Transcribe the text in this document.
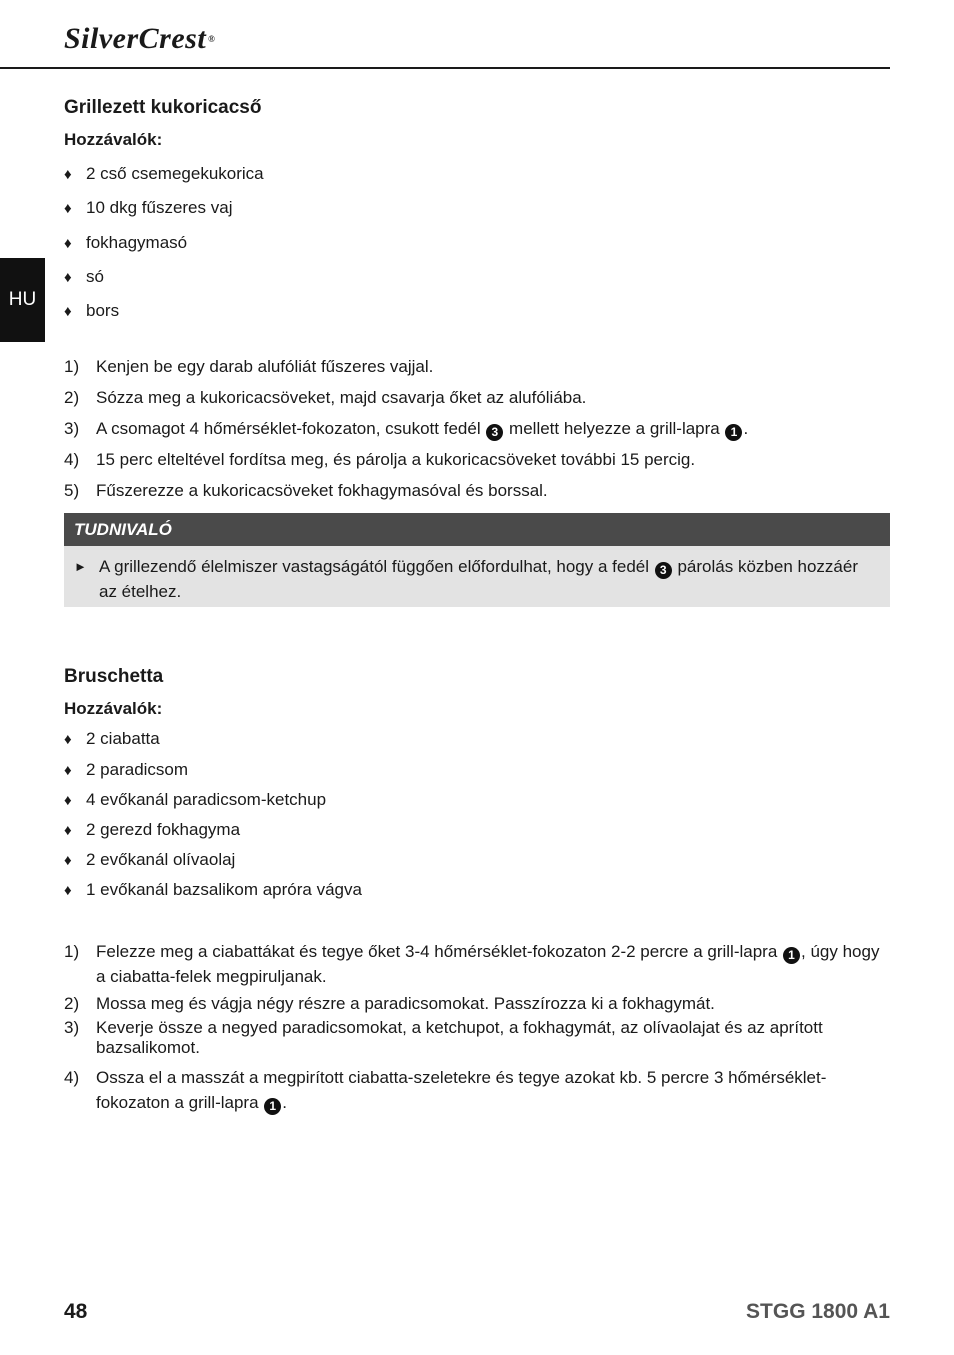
SilverCrest ®
HU
Grillezett kukoricacső
Hozzávalók:
♦ 2 cső csemegekukorica
♦ 10 dkg fűszeres vaj
♦ fokhagymasó
♦ só
♦ bors
1) Kenjen be egy darab alufóliát fűszeres vajjal.
2) Sózza meg a kukoricacsöveket, majd csavarja őket az alufóliába.
3) A csomagot 4 hőmérséklet-fokozaton, csukott fedél 3 mellett helyezze a grill-lapra 1 .
4) 15 perc elteltével fordítsa meg, és párolja a kukoricacsöveket további 15 percig.
5) Fűszerezze a kukoricacsöveket fokhagymasóval és borssal.
TUDNIVALÓ
► A grillezendő élelmiszer vastagságától függően előfordulhat, hogy a fedél 3 párolás közben hozzáér az ételhez.
Bruschetta
Hozzávalók:
♦ 2 ciabatta
♦ 2 paradicsom
♦ 4 evőkanál paradicsom-ketchup
♦ 2 gerezd fokhagyma
♦ 2 evőkanál olívaolaj
♦ 1 evőkanál bazsalikom apróra vágva
1) Felezze meg a ciabattákat és tegye őket 3-4 hőmérséklet-fokozaton 2-2 percre a grill-lapra 1 , úgy hogy a ciabatta-felek megpiruljanak.
2) Mossa meg és vágja négy részre a paradicsomokat. Passzírozza ki a fokhagymát.
3) Keverje össze a negyed paradicsomokat, a ketchupot, a fokhagymát, az olívaolajat és az aprított bazsalikomot.
4) Ossza el a masszát a megpirított ciabatta-szeletekre és tegye azokat kb. 5 percre 3 hőmérséklet-fokozaton a grill-lapra 1 .
48	STGG 1800 A1
